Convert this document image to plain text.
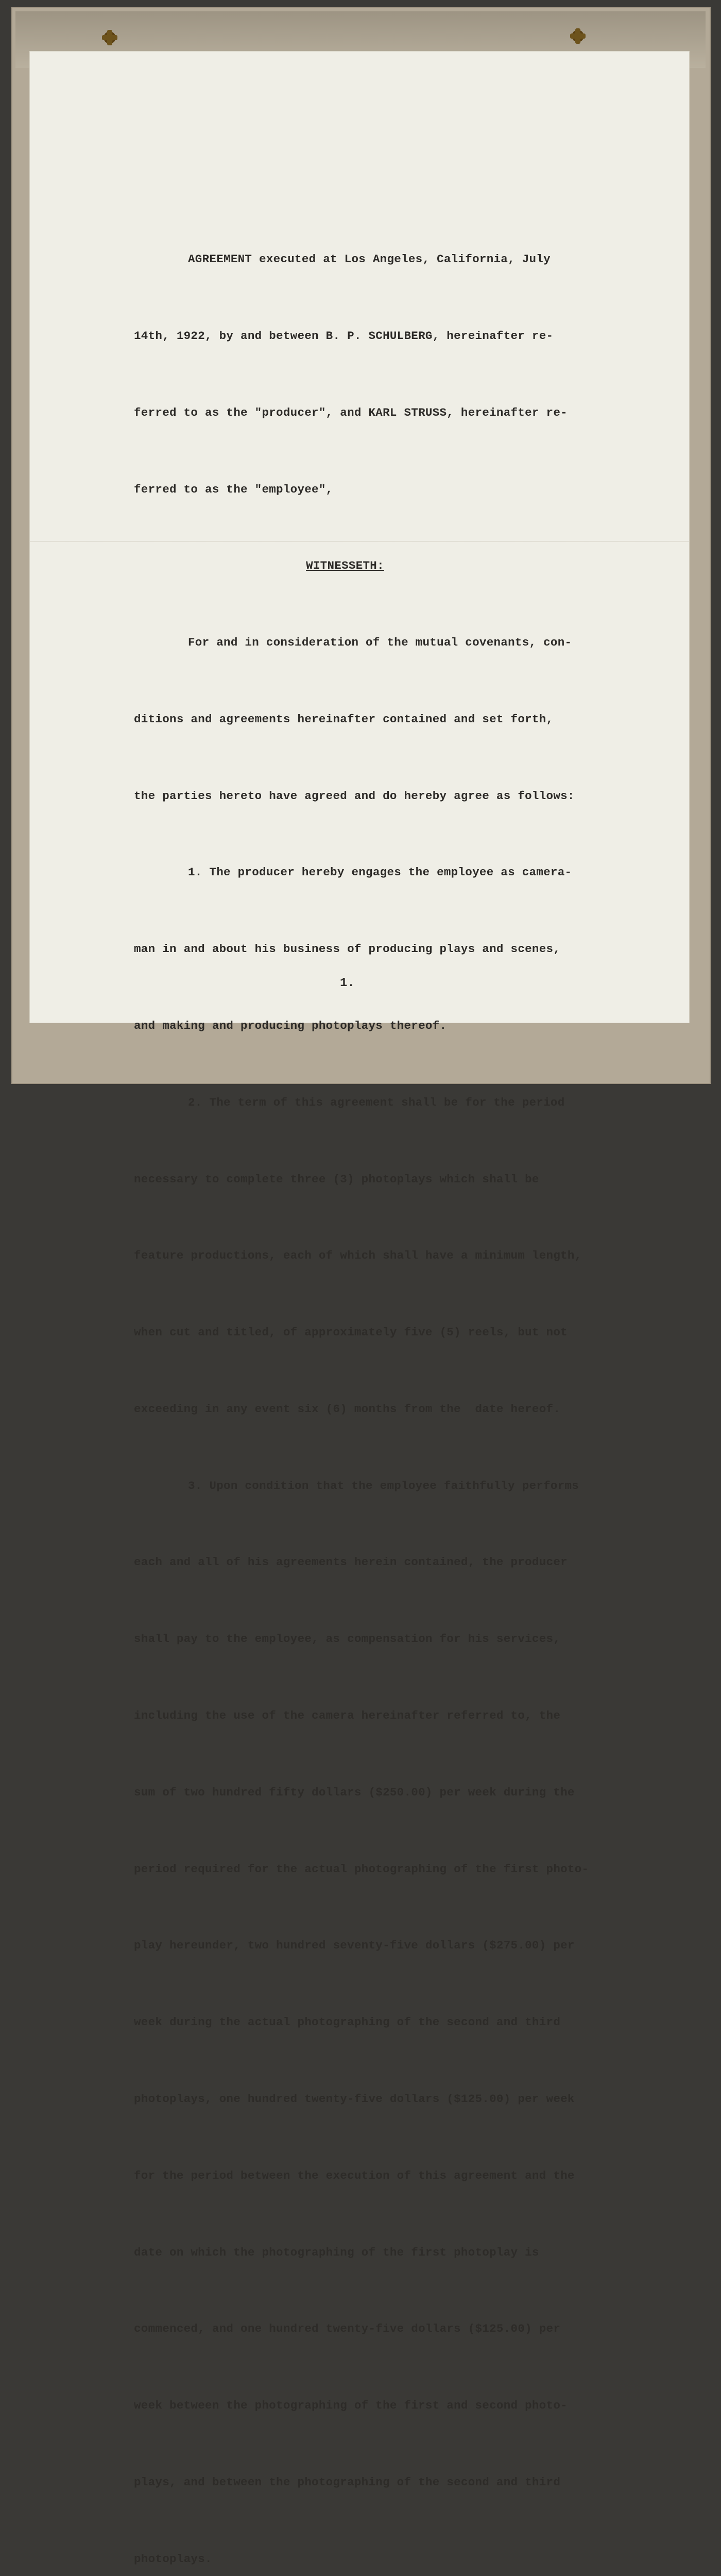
AGREEMENT executed at Los Angeles, California, July

14th, 1922, by and between B. P. SCHULBERG, hereinafter re-

ferred to as the "producer", and KARL STRUSS, hereinafter re-

ferred to as the "employee",

WITNESSETH:

For and in consideration of the mutual covenants, con-

ditions and agreements hereinafter contained and set forth,

the parties hereto have agreed and do hereby agree as follows:

1. The producer hereby engages the employee as camera-

man in and about his business of producing plays and scenes,

and making and producing photoplays thereof.

2. The term of this agreement shall be for the period

necessary to complete three (3) photoplays which shall be

feature productions, each of which shall have a minimum length,

when cut and titled, of approximately five (5) reels, but not

exceeding in any event six (6) months from the  date hereof.

3. Upon condition that the employee faithfully performs

each and all of his agreements herein contained, the producer

shall pay to the employee, as compensation for his services,

including the use of the camera hereinafter referred to, the

sum of two hundred fifty dollars ($250.00) per week during the

period required for the actual photographing of the first photo-

play hereunder, two hundred seventy-five dollars ($275.00) per

week during the actual photographing of the second and third

photoplays, one hundred twenty-five dollars ($125.00) per week

for the period between the execution of this agreement and the

date on which the photographing of the first photoplay is

commenced, and one hundred twenty-five dollars ($125.00) per

week between the photographing of the first and second photo-

plays, and between the photographing of the second and third

photoplays.

1.
